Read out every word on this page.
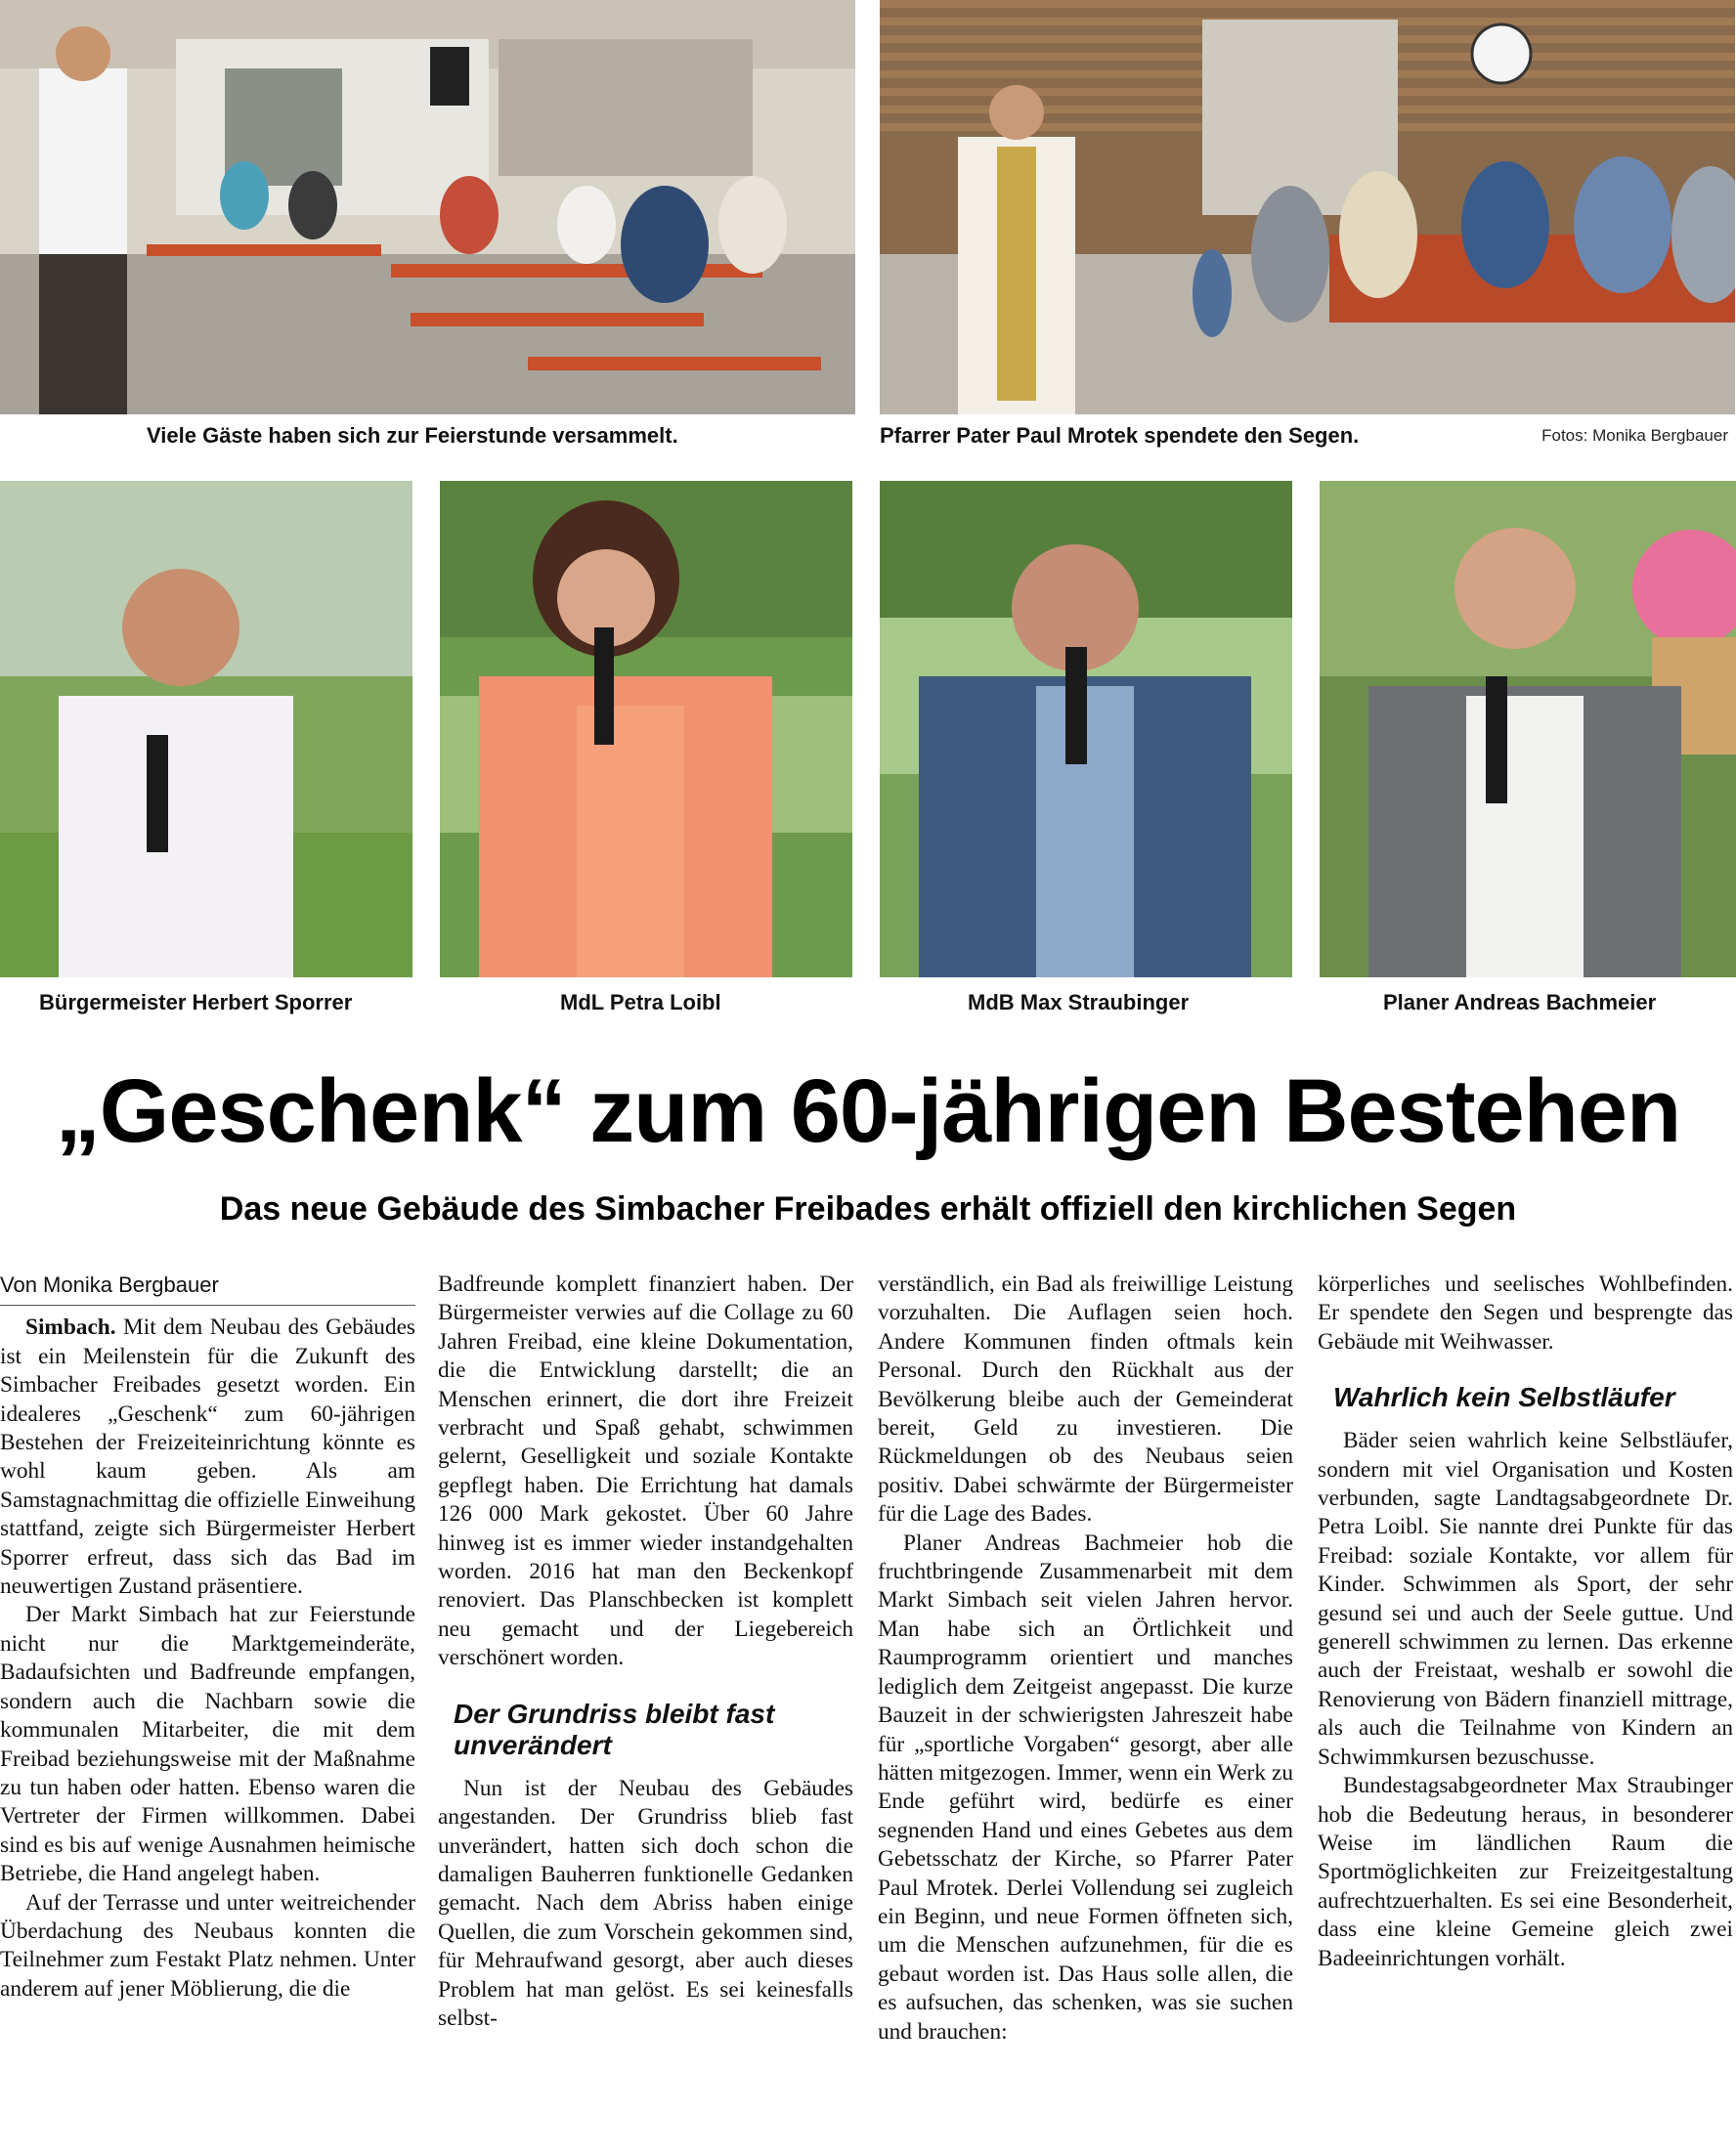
Viele Gäste haben sich zur Feierstunde versammelt.	Pfarrer Pater Paul Mrotek spendete den Segen.	Fotos: Monika Bergbauer
Bürgermeister Herbert Sporrer	MdL Petra Loibl	MdB Max Straubinger	Planer Andreas Bachmeier
„Geschenk“ zum 60-jährigen Bestehen
Das neue Gebäude des Simbacher Freibades erhält offiziell den kirchlichen Segen

Von Monika Bergbauer

Simbach. Mit dem Neubau des Gebäudes ist ein Meilenstein für die Zukunft des Simbacher Freibades gesetzt worden. Ein idealeres „Geschenk“ zum 60-jährigen Bestehen der Freizeiteinrichtung könnte es wohl kaum geben. Als am Samstagnachmittag die offizielle Einweihung stattfand, zeigte sich Bürgermeister Herbert Sporrer erfreut, dass sich das Bad im neuwertigen Zustand präsentiere.

Der Markt Simbach hat zur Feierstunde nicht nur die Marktgemeinderäte, Badaufsichten und Badfreunde empfangen, sondern auch die Nachbarn sowie die kommunalen Mitarbeiter, die mit dem Freibad beziehungsweise mit der Maßnahme zu tun haben oder hatten. Ebenso waren die Vertreter der Firmen willkommen. Dabei sind es bis auf wenige Ausnahmen heimische Betriebe, die Hand angelegt haben.

Auf der Terrasse und unter weitreichender Überdachung des Neubaus konnten die Teilnehmer zum Festakt Platz nehmen. Unter anderem auf jener Möblierung, die die

Badfreunde komplett finanziert haben. Der Bürgermeister verwies auf die Collage zu 60 Jahren Freibad, eine kleine Dokumentation, die die Entwicklung darstellt; die an Menschen erinnert, die dort ihre Freizeit verbracht und Spaß gehabt, schwimmen gelernt, Geselligkeit und soziale Kontakte gepflegt haben. Die Errichtung hat damals 126 000 Mark gekostet. Über 60 Jahre hinweg ist es immer wieder instandgehalten worden. 2016 hat man den Beckenkopf renoviert. Das Planschbecken ist komplett neu gemacht und der Liegebereich verschönert worden.

Der Grundriss bleibt fast unverändert

Nun ist der Neubau des Gebäudes angestanden. Der Grundriss blieb fast unverändert, hatten sich doch schon die damaligen Bauherren funktionelle Gedanken gemacht. Nach dem Abriss haben einige Quellen, die zum Vorschein gekommen sind, für Mehraufwand gesorgt, aber auch dieses Problem hat man gelöst. Es sei keinesfalls selbst-

verständlich, ein Bad als freiwillige Leistung vorzuhalten. Die Auflagen seien hoch. Andere Kommunen finden oftmals kein Personal. Durch den Rückhalt aus der Bevölkerung bleibe auch der Gemeinderat bereit, Geld zu investieren. Die Rückmeldungen ob des Neubaus seien positiv. Dabei schwärmte der Bürgermeister für die Lage des Bades.

Planer Andreas Bachmeier hob die fruchtbringende Zusammenarbeit mit dem Markt Simbach seit vielen Jahren hervor. Man habe sich an Örtlichkeit und Raumprogramm orientiert und manches lediglich dem Zeitgeist angepasst. Die kurze Bauzeit in der schwierigsten Jahreszeit habe für „sportliche Vorgaben“ gesorgt, aber alle hätten mitgezogen. Immer, wenn ein Werk zu Ende geführt wird, bedürfe es einer segnenden Hand und eines Gebetes aus dem Gebetsschatz der Kirche, so Pfarrer Pater Paul Mrotek. Derlei Vollendung sei zugleich ein Beginn, und neue Formen öffneten sich, um die Menschen aufzunehmen, für die es gebaut worden ist. Das Haus solle allen, die es aufsuchen, das schenken, was sie suchen und brauchen:

körperliches und seelisches Wohlbefinden. Er spendete den Segen und besprengte das Gebäude mit Weihwasser.

Wahrlich kein Selbstläufer

Bäder seien wahrlich keine Selbstläufer, sondern mit viel Organisation und Kosten verbunden, sagte Landtagsabgeordnete Dr. Petra Loibl. Sie nannte drei Punkte für das Freibad: soziale Kontakte, vor allem für Kinder. Schwimmen als Sport, der sehr gesund sei und auch der Seele guttue. Und generell schwimmen zu lernen. Das erkenne auch der Freistaat, weshalb er sowohl die Renovierung von Bädern finanziell mittrage, als auch die Teilnahme von Kindern an Schwimmkursen bezuschusse.

Bundestagsabgeordneter Max Straubinger hob die Bedeutung heraus, in besonderer Weise im ländlichen Raum die Sportmöglichkeiten zur Freizeitgestaltung aufrechtzuerhalten. Es sei eine Besonderheit, dass eine kleine Gemeine gleich zwei Badeeinrichtungen vorhält.
